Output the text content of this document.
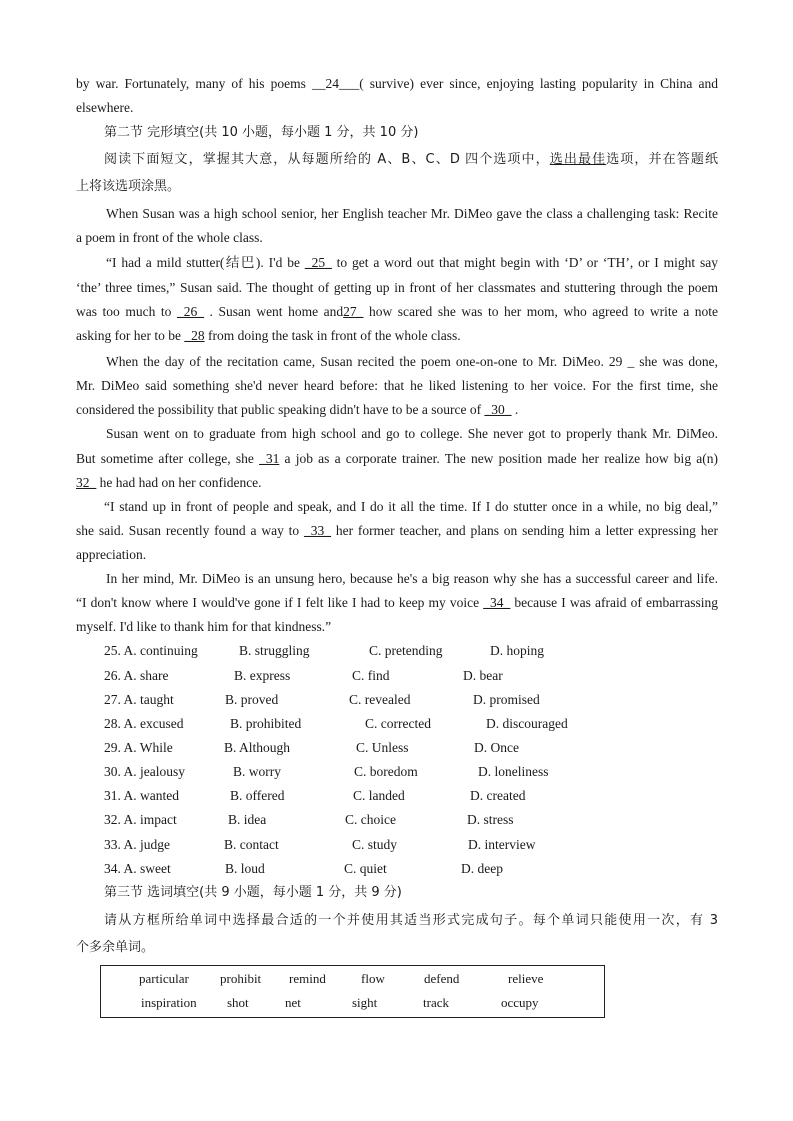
by war. Fortunately, many of his poems __24___( survive) ever since, enjoying lasting popularity in China and
elsewhere.
第二节 完形填空(共 10 小题，每小题 1 分，共 10 分)
阅读下面短文，掌握其大意，从每题所给的 A、B、C、D 四个选项中，选出最佳选项，并在答题纸
上将该选项涂黑。
When Susan was a high school senior, her English teacher Mr. DiMeo gave the class a challenging task: Recite
a poem in front of the whole class.
“I had a mild stutter(结巴). I'd be _25_ to get a word out that might begin with ‘D’ or ‘TH’, or I might say
‘the’ three times,” Susan said. The thought of getting up in front of her classmates and stuttering through the poem
was too much to _26_ . Susan went home and27_ how scared she was to her mom, who agreed to write a note
asking for her to be _28 from doing the task in front of the whole class.
When the day of the recitation came, Susan recited the poem one-on-one to Mr. DiMeo. 29 _ she was done,
Mr. DiMeo said something she'd never heard before: that he liked listening to her voice. For the first time, she
considered the possibility that public speaking didn't have to be a source of _30_ .
Susan went on to graduate from high school and go to college. She never got to properly thank Mr. DiMeo.
But sometime after college, she _31 a job as a corporate trainer. The new position made her realize how big a(n)
32_ he had had on her confidence.
“I stand up in front of people and speak, and I do it all the time. If I do stutter once in a while, no big deal,”
she said. Susan recently found a way to _33_ her former teacher, and plans on sending him a letter expressing her
appreciation.
In her mind, Mr. DiMeo is an unsung hero, because he's a big reason why she has a successful career and life.
“I don't know where I would've gone if I felt like I had to keep my voice _34_ because I was afraid of embarrassing
myself. I'd like to thank him for that kindness.”
25. A. continuing	B. struggling	C. pretending	D. hoping
26. A. share	B. express	C. find	D. bear
27. A. taught	B. proved	C. revealed	D. promised
28. A. excused	B. prohibited	C. corrected	D. discouraged
29. A. While	B. Although	C. Unless	D. Once
30. A. jealousy	B. worry	C. boredom	D. loneliness
31. A. wanted	B. offered	C. landed	D. created
32. A. impact	B. idea	C. choice	D. stress
33. A. judge	B. contact	C. study	D. interview
34. A. sweet	B. loud	C. quiet	D. deep
第三节 选词填空(共 9 小题，每小题 1 分，共 9 分)
请从方框所给单词中选择最合适的一个并使用其适当形式完成句子。每个单词只能使用一次，有 3
个多余单词。
particular prohibit remind	flow	defend	relieve
inspiration shot	net	sight	track	occupy
